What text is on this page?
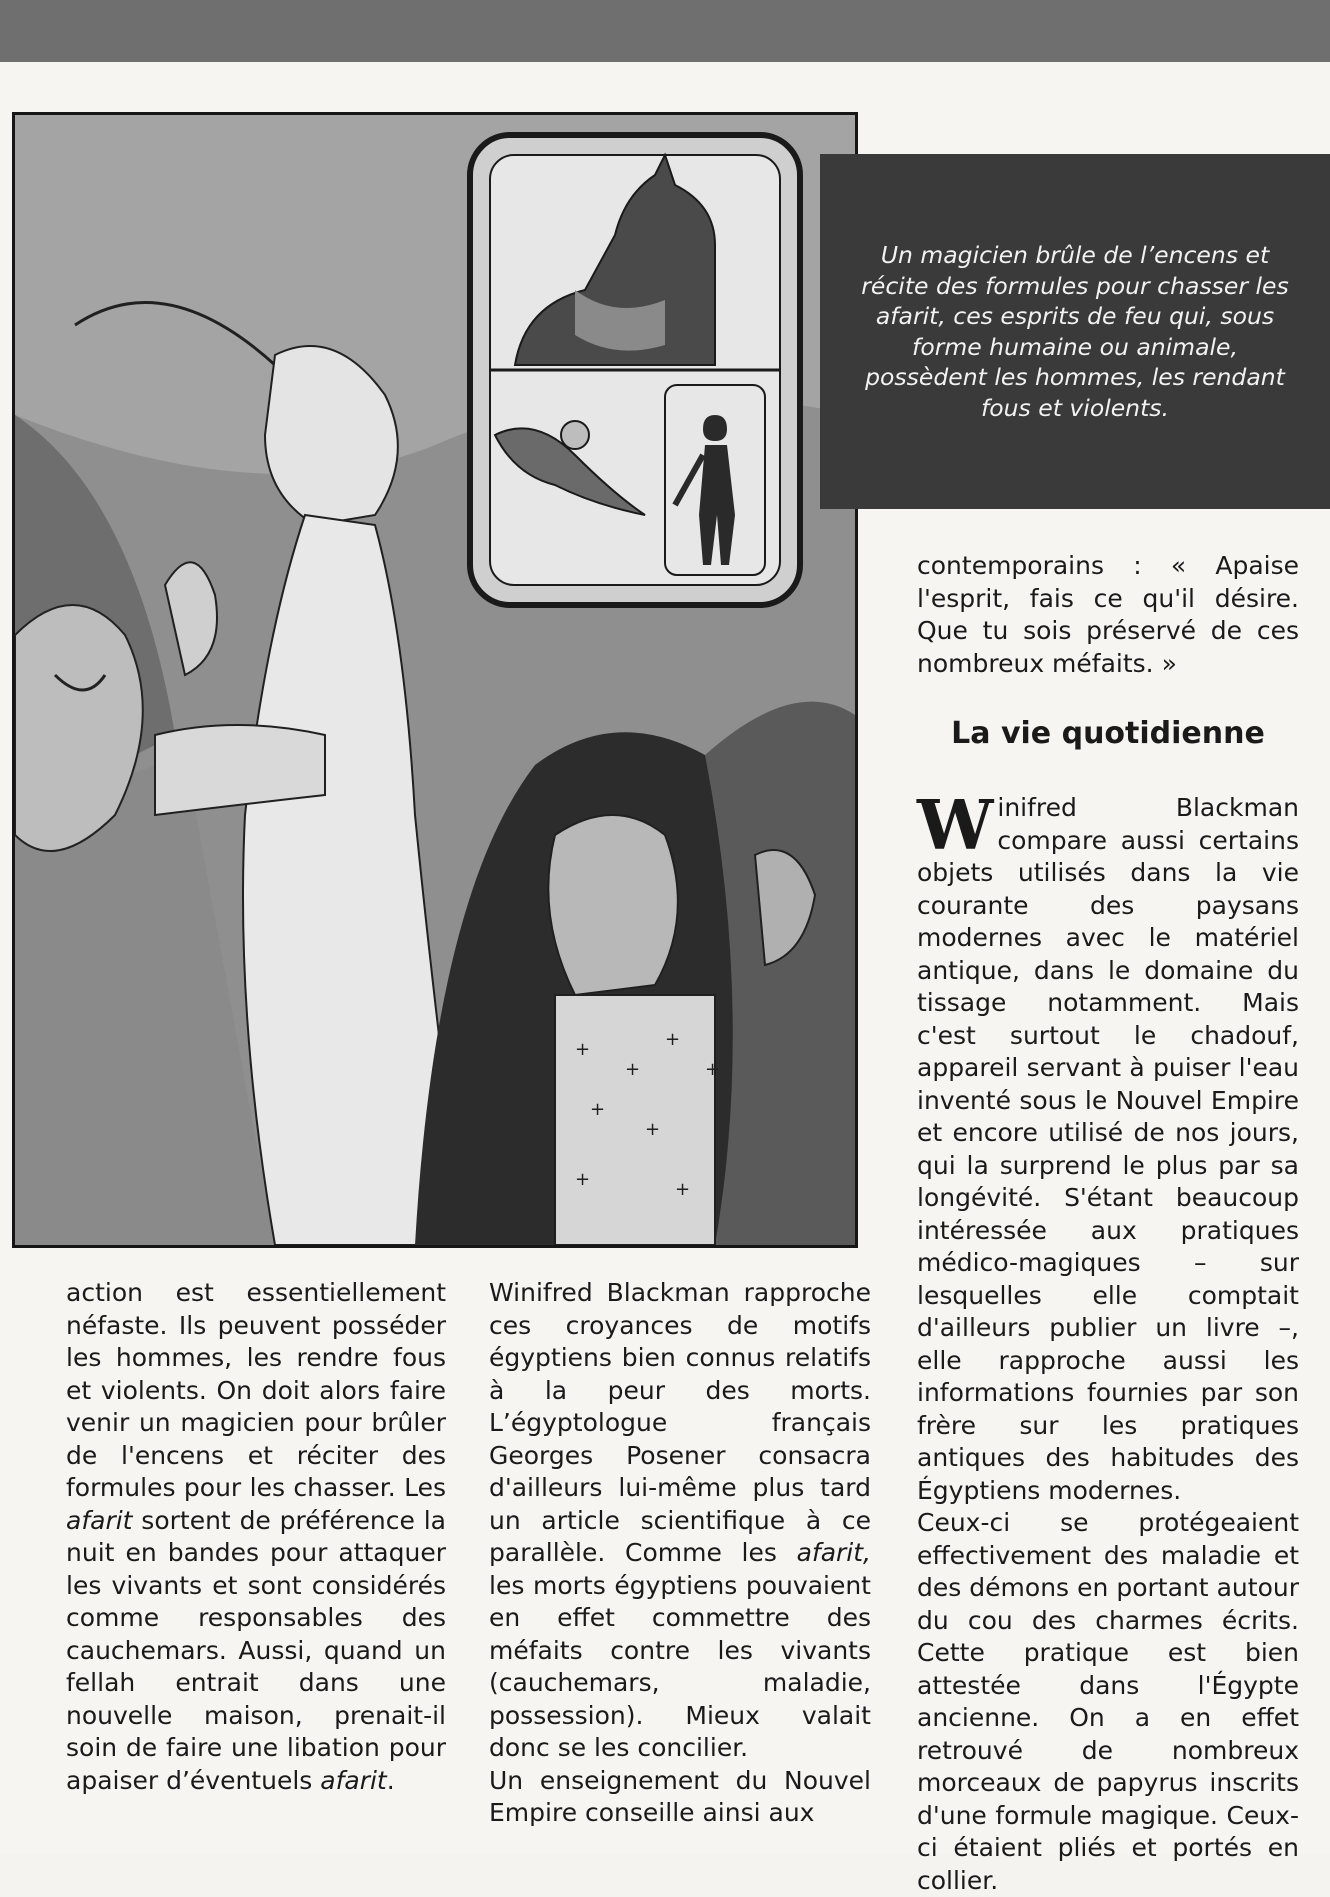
+
+
+
+
+
+	+
+

Un magicien brûle de l’encens et récite des formules pour chasser les afarit, ces esprits de feu qui, sous forme humaine ou animale, possèdent les hommes, les rendant fous et violents.

contemporains : « Apaise l'esprit, fais ce qu'il désire. Que tu sois préservé de ces nombreux méfaits. »

La vie quotidienne

Winifred Blackman compare aussi certains objets utilisés dans la vie courante des paysans modernes avec le matériel antique, dans le domaine du tissage notamment. Mais c'est surtout le chadouf, appareil servant à puiser l'eau inventé sous le Nouvel Empire et encore utilisé de nos jours, qui la surprend le plus par sa longévité. S'étant beaucoup intéressée aux pratiques médico-magiques – sur lesquelles elle comptait d'ailleurs publier un livre –, elle rapproche aussi les informations fournies par son frère sur les pratiques antiques des habitudes des Égyptiens modernes.

Ceux-ci se protégeaient effectivement des maladie et des démons en portant autour du cou des charmes écrits. Cette pratique est bien attestée dans l'Égypte ancienne. On a en effet retrouvé de nombreux morceaux de papyrus inscrits d'une formule magique. Ceux-ci étaient pliés et portés en collier.

action est essentiellement néfaste. Ils peuvent posséder les hommes, les rendre fous et violents. On doit alors faire venir un magicien pour brûler de l'encens et réciter des formules pour les chasser. Les afarit sortent de préférence la nuit en bandes pour attaquer les vivants et sont considérés comme responsables des cauchemars. Aussi, quand un fellah entrait dans une nouvelle maison, prenait-il soin de faire une libation pour apaiser d’éventuels afarit.

Winifred Blackman rapproche ces croyances de motifs égyptiens bien connus relatifs à la peur des morts. L’égyptologue français Georges Posener consacra d'ailleurs lui-même plus tard un article scientifique à ce parallèle. Comme les afarit, les morts égyptiens pouvaient en effet commettre des méfaits contre les vivants (cauchemars, maladie, possession). Mieux valait donc se les concilier.

Un enseignement du Nouvel Empire conseille ainsi aux
